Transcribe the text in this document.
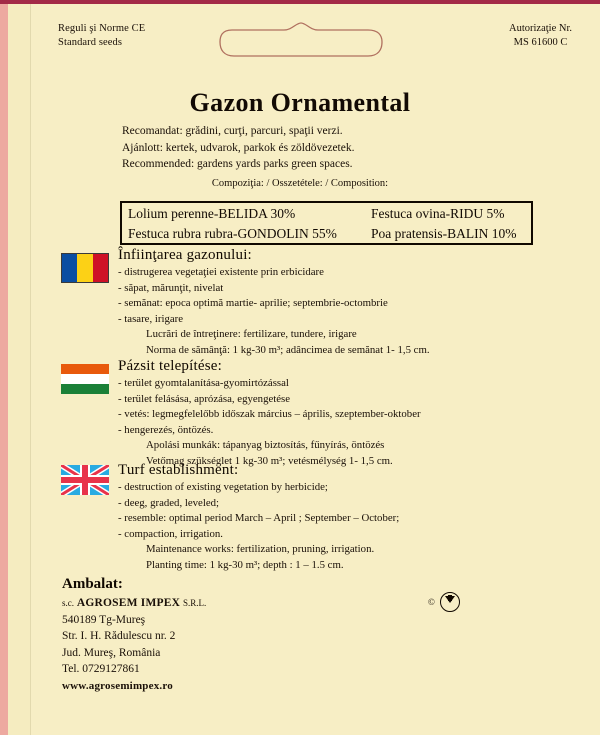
Reguli şi Norme CE
Standard seeds
Autorizaţie Nr.
MS 61600 C
Gazon Ornamental
Recomandat: grădini, curţi, parcuri, spaţii verzi.
Ajánlott: kertek, udvarok, parkok és zöldövezetek.
Recommended: gardens yards parks green spaces.
Compoziţia: / Osszetétele: / Composition:
Lolium perenne-BELIDA 30%	Festuca ovina-RIDU 5%
Festuca rubra rubra-GONDOLIN 55%	Poa pratensis-BALIN 10%
Înfiinţarea gazonului:
- distrugerea vegetaţiei existente prin erbicidare
- săpat, mărunţit, nivelat
- semănat: epoca optimă martie- aprilie; septembrie-octombrie
- tasare, irigare
Lucrări de întreţinere: fertilizare, tundere, irigare
Norma de sămânţă: 1 kg-30 m³; adâncimea de semănat 1- 1,5 cm.
Pázsit telepítése:
- terület gyomtalanítása-gyomirtózással
- terület felásása, aprózása, egyengetése
- vetés: legmegfelelőbb időszak március – április, szeptember-oktober
- hengerezés, öntözés.
Apolási munkák: tápanyag biztosítás, fűnyírás, öntözés
Vetőmag szükséglet 1 kg-30 m³; vetésmélység 1- 1,5 cm.
Turf establishment:
- destruction of existing vegetation by herbicide;
- deeg, graded, leveled;
- resemble: optimal period March – April ; September – October;
- compaction, irrigation.
Maintenance works: fertilization, pruning, irrigation.
Planting time: 1 kg-30 m³; depth : 1 – 1.5 cm.
Ambalat:
s.c. AGROSEM IMPEX S.R.L.
540189 Tg-Mureş
Str. I. H. Rădulescu nr. 2
Jud. Mureş, România
Tel. 0729127861
www.agrosemimpex.ro
©
